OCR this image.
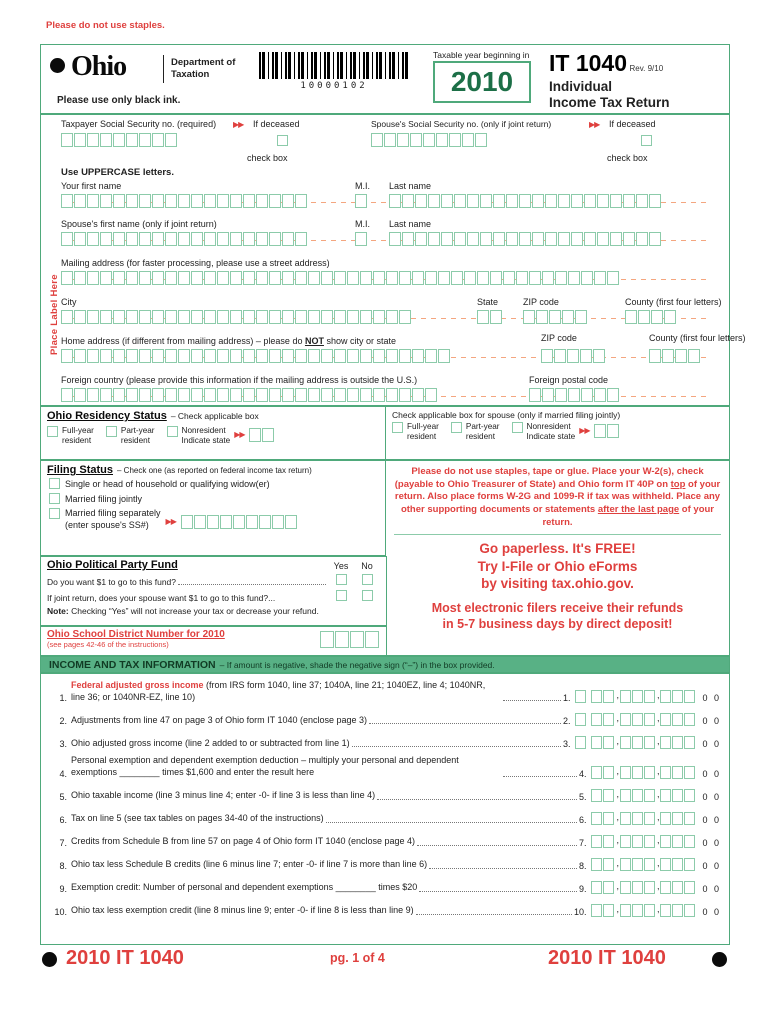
Please do not use staples.
Ohio	Department of
Taxation
Please use only black ink.
10000102
Taxable year beginning in
2010
IT 1040 Rev. 9/10
Individual
Income Tax Return
Place Label Here
Taxpayer Social Security no. (required) ▶▶	If deceased	Spouse's Social Security no. (only if joint return) ▶▶	If deceased
check box	check box
Use UPPERCASE letters.
Your first name	M.I. Last name
Spouse's first name (only if joint return)	M.I. Last name
Mailing address (for faster processing, please use a street address)
City	State	ZIP code	County (first four letters)
Home address (if different from mailing address) – please do NOT show city or state	ZIP code	County (first four letters)
Foreign country (please provide this information if the mailing address is outside the U.S.)	Foreign postal code
Ohio Residency Status – Check applicable box
Full-year
resident
Part-year
resident
Nonresident
Indicate state
▶▶
Check applicable box for spouse (only if married filing jointly)
Full-year
resident
Part-year
resident
Nonresident
Indicate state
▶▶
Filing Status – Check one (as reported on federal income tax return)
Single or head of household or qualifying widow(er)
Married filing jointly
Married filing separately
(enter spouse's SS#)
▶▶
Please do not use staples, tape or glue. Place your W-2(s), check (payable to Ohio Treasurer of State) and Ohio form IT 40P on top of your return. Also place forms W-2G and 1099-R if tax was withheld. Place any other supporting documents or statements after the last page of your return.
Go paperless. It's FREE!
Try I-File or Ohio eForms
by visiting tax.ohio.gov.
Most electronic filers receive their refunds
in 5-7 business days by direct deposit!
Ohio Political Party Fund	Yes	No
Do you want $1 to go to this fund?
If joint return, does your spouse want $1 to go to this fund?...
Note: Checking “Yes” will not increase your tax or decrease your refund.
Ohio School District Number for 2010
(see pages 42-46 of the instructions)
INCOME AND TAX INFORMATION – If amount is negative, shade the negative sign (“–”) in the box provided.
1.
Federal adjusted gross income (from IRS form 1040, line 37; 1040A, line 21; 1040EZ, line 4; 1040NR, line 36; or 1040NR-EZ, line 10)	1.	,	,	0 0
2. Adjustments from line 47 on page 3 of Ohio form IT 1040 (enclose page 3)	2.	,	,	0 0
3. Ohio adjusted gross income (line 2 added to or subtracted from line 1)	3.	,	,	0 0
4.
Personal exemption and dependent exemption deduction – multiply your personal and dependent exemptions ________ times $1,600 and enter the result here	4.	,	,	0 0
5. Ohio taxable income (line 3 minus line 4; enter -0- if line 3 is less than line 4)	5.	,	,	0 0
6. Tax on line 5 (see tax tables on pages 34-40 of the instructions)	6.	,	,	0 0
7. Credits from Schedule B from line 57 on page 4 of Ohio form IT 1040 (enclose page 4)	7.	,	,	0 0
8. Ohio tax less Schedule B credits (line 6 minus line 7; enter -0- if line 7 is more than line 6)	8.	,	,	0 0
9. Exemption credit: Number of personal and dependent exemptions ________ times $20	9.	,	,	0 0
10. Ohio tax less exemption credit (line 8 minus line 9; enter -0- if line 8 is less than line 9)	10.	,	,	0 0
2010 IT 1040	pg. 1 of 4	2010 IT 1040
